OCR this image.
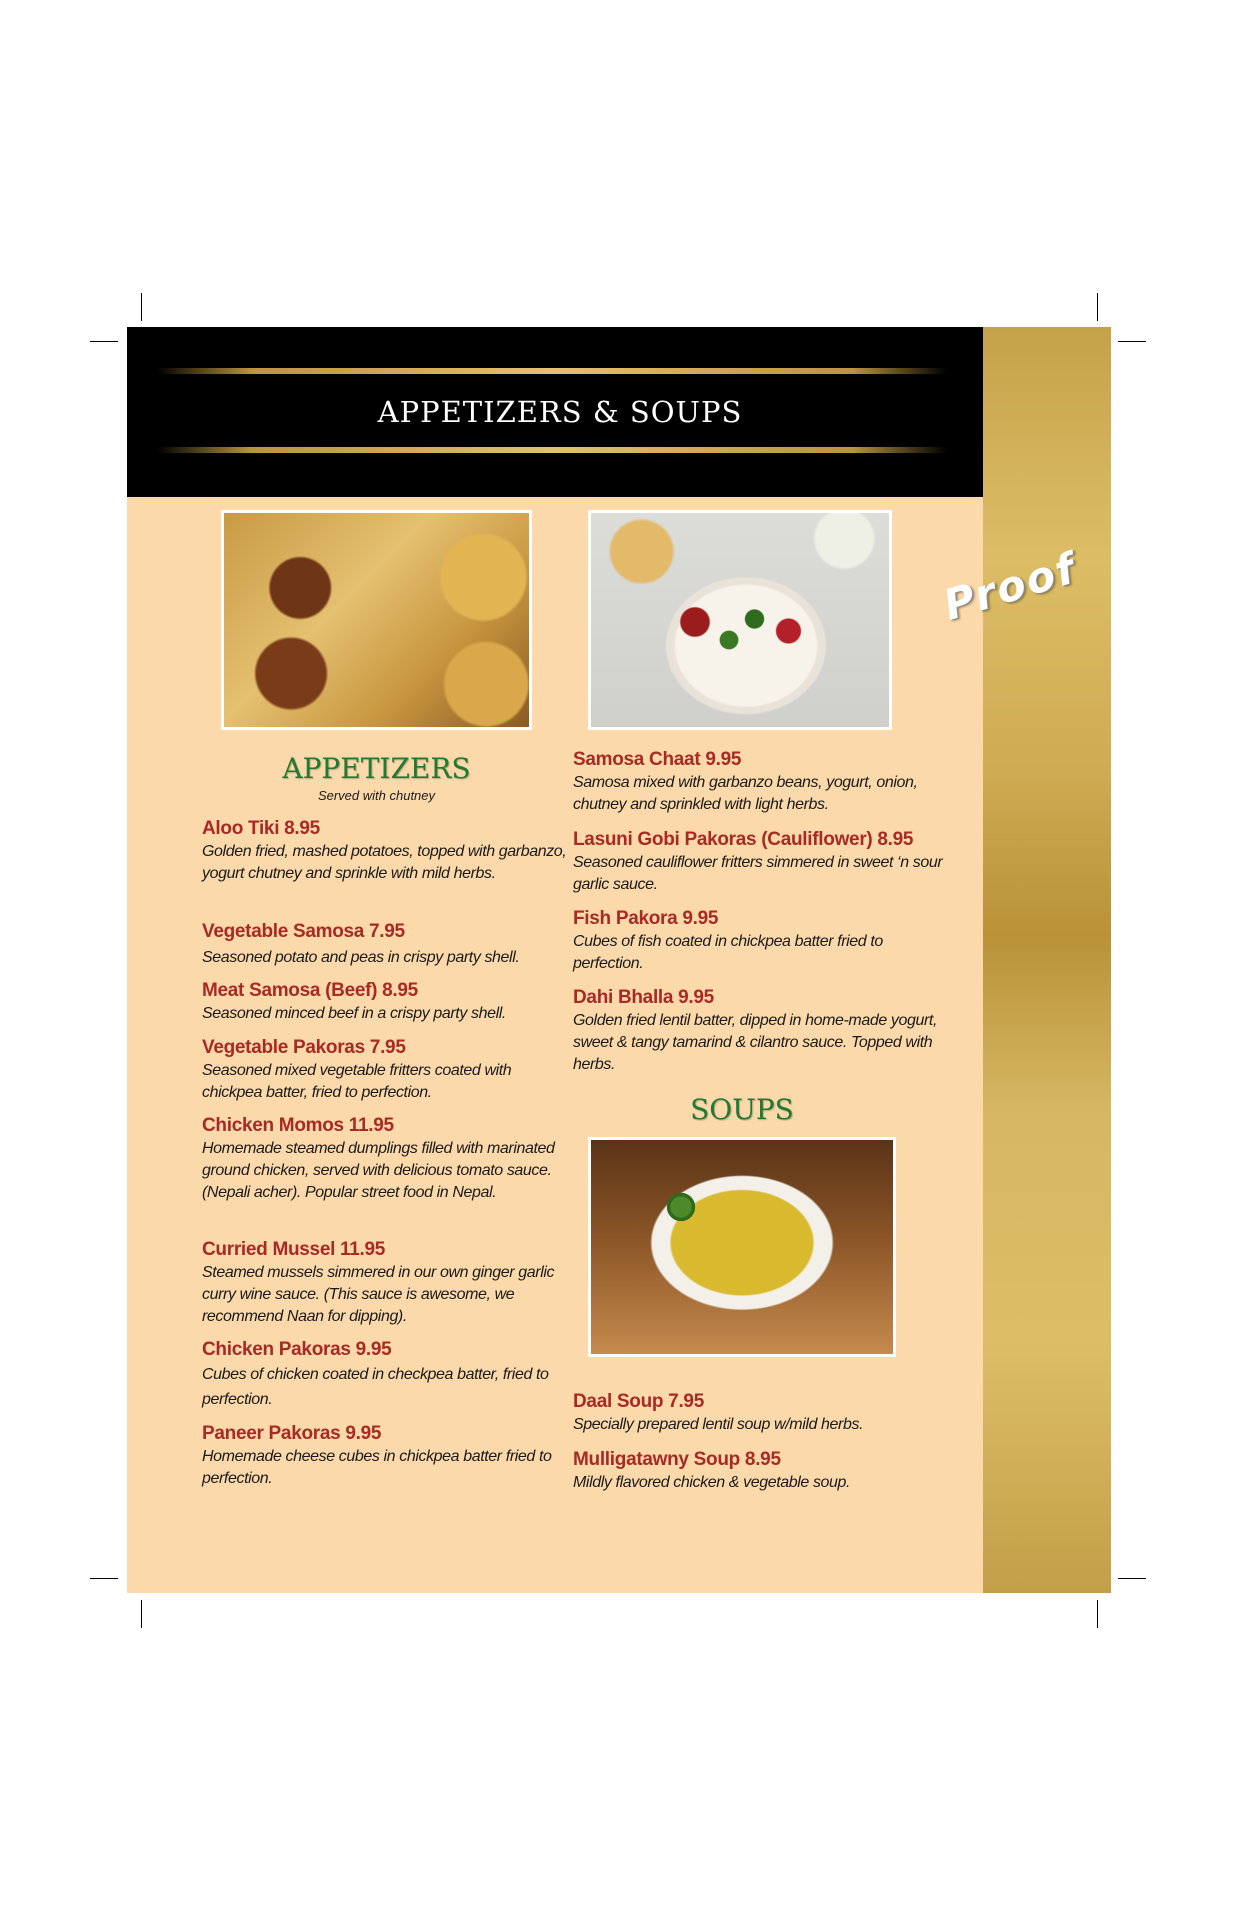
Proof
APPETIZERS & SOUPS
APPETIZERS
Served with chutney
Aloo Tiki 8.95
Golden fried, mashed potatoes, topped with garbanzo, yogurt chutney and sprinkle with mild herbs.
Vegetable Samosa 7.95
Seasoned potato and peas in crispy party shell.
Meat Samosa (Beef) 8.95
Seasoned minced beef in a crispy party shell.
Vegetable Pakoras 7.95
Seasoned mixed vegetable fritters coated with chickpea batter, fried to perfection.
Chicken Momos 11.95
Homemade steamed dumplings filled with marinated ground chicken, served with delicious tomato sauce. (Nepali acher). Popular street food in Nepal.
Curried Mussel 11.95
Steamed mussels simmered in our own ginger garlic curry wine sauce. (This sauce is awesome, we recommend Naan for dipping).
Chicken Pakoras 9.95
Cubes of chicken coated in checkpea batter, fried to perfection.
Paneer Pakoras 9.95
Homemade cheese cubes in chickpea batter fried to perfection.
Samosa Chaat 9.95
Samosa mixed with garbanzo beans, yogurt, onion, chutney and sprinkled with light herbs.
Lasuni Gobi Pakoras (Cauliflower) 8.95
Seasoned cauliflower fritters simmered in sweet ‘n sour garlic sauce.
Fish Pakora 9.95
Cubes of fish coated in chickpea batter fried to perfection.
Dahi Bhalla 9.95
Golden fried lentil batter, dipped in home-made yogurt, sweet & tangy tamarind & cilantro sauce. Topped with herbs.
SOUPS
Daal Soup 7.95
Specially prepared lentil soup w/mild herbs.
Mulligatawny Soup 8.95
Mildly flavored chicken & vegetable soup.
